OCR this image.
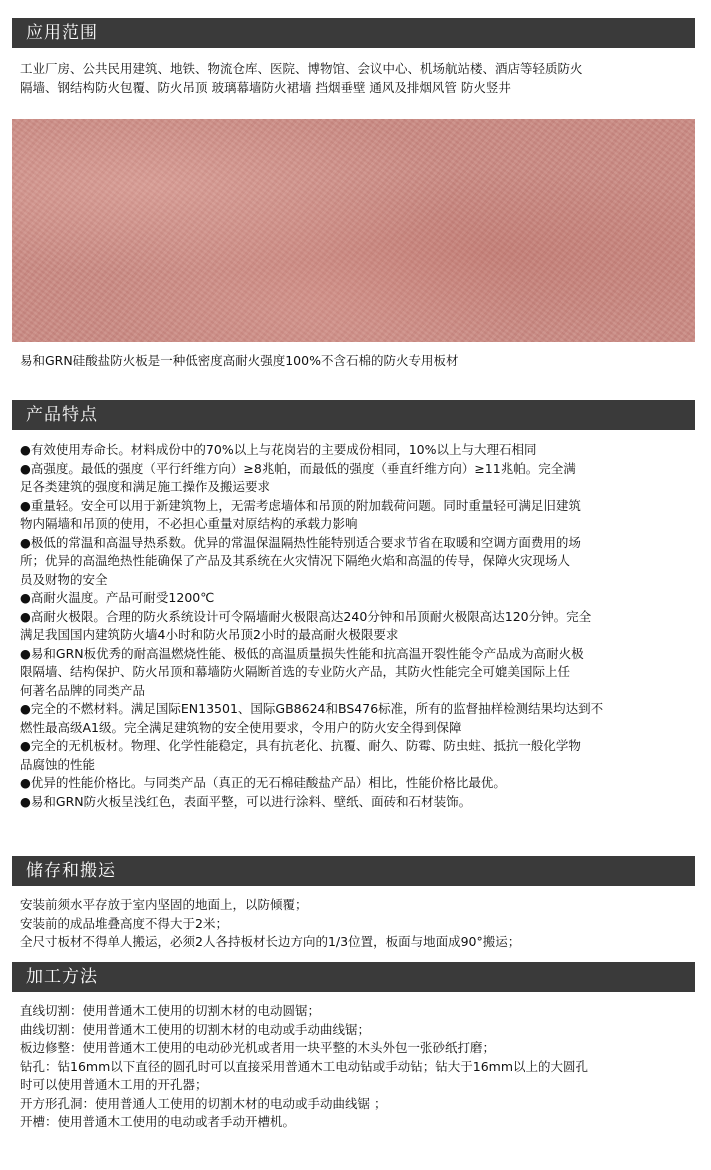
应用范围

工业厂房、公共民用建筑、地铁、物流仓库、医院、博物馆、会议中心、机场航站楼、酒店等轻质防火

隔墙、钢结构防火包覆、防火吊顶 玻璃幕墙防火裙墙 挡烟垂壁 通风及排烟风管 防火竖井

易和GRN硅酸盐防火板是一种低密度高耐火强度100%不含石棉的防火专用板材
产品特点

●有效使用寿命长。材料成份中的70%以上与花岗岩的主要成份相同，10%以上与大理石相同

●高强度。最低的强度（平行纤维方向）≥8兆帕，而最低的强度（垂直纤维方向）≥11兆帕。完全满

足各类建筑的强度和满足施工操作及搬运要求

●重量轻。安全可以用于新建筑物上，无需考虑墙体和吊顶的附加载荷问题。同时重量轻可满足旧建筑

物内隔墙和吊顶的使用，不必担心重量对原结构的承载力影响

●极低的常温和高温导热系数。优异的常温保温隔热性能特别适合要求节省在取暖和空调方面费用的场

所；优异的高温绝热性能确保了产品及其系统在火灾情况下隔绝火焰和高温的传导，保障火灾现场人

员及财物的安全

●高耐火温度。产品可耐受1200℃

●高耐火极限。合理的防火系统设计可令隔墙耐火极限高达240分钟和吊顶耐火极限高达120分钟。完全

满足我国国内建筑防火墙4小时和防火吊顶2小时的最高耐火极限要求

●易和GRN板优秀的耐高温燃烧性能、极低的高温质量损失性能和抗高温开裂性能令产品成为高耐火极

限隔墙、结构保护、防火吊顶和幕墙防火隔断首选的专业防火产品，其防火性能完全可媲美国际上任

何著名品牌的同类产品

●完全的不燃材料。满足国际EN13501、国际GB8624和BS476标准，所有的监督抽样检测结果均达到不

燃性最高级A1级。完全满足建筑物的安全使用要求，令用户的防火安全得到保障

●完全的无机板材。物理、化学性能稳定，具有抗老化、抗覆、耐久、防霉、防虫蛀、抵抗一般化学物

品腐蚀的性能

●优异的性能价格比。与同类产品（真正的无石棉硅酸盐产品）相比，性能价格比最优。

●易和GRN防火板呈浅红色，表面平整，可以进行涂料、壁纸、面砖和石材装饰。

储存和搬运

安装前须水平存放于室内坚固的地面上，以防倾覆；

安装前的成品堆叠高度不得大于2米；

全尺寸板材不得单人搬运，必须2人各持板材长边方向的1/3位置，板面与地面成90°搬运；

加工方法

直线切割：使用普通木工使用的切割木材的电动圆锯；

曲线切割：使用普通木工使用的切割木材的电动或手动曲线锯；

板边修整：使用普通木工使用的电动砂光机或者用一块平整的木头外包一张砂纸打磨；

钻孔：钻16mm以下直径的圆孔时可以直接采用普通木工电动钻或手动钻；钻大于16mm以上的大圆孔

时可以使用普通木工用的开孔器；

开方形孔洞：使用普通人工使用的切割木材的电动或手动曲线锯 ；

开槽：使用普通木工使用的电动或者手动开槽机。
